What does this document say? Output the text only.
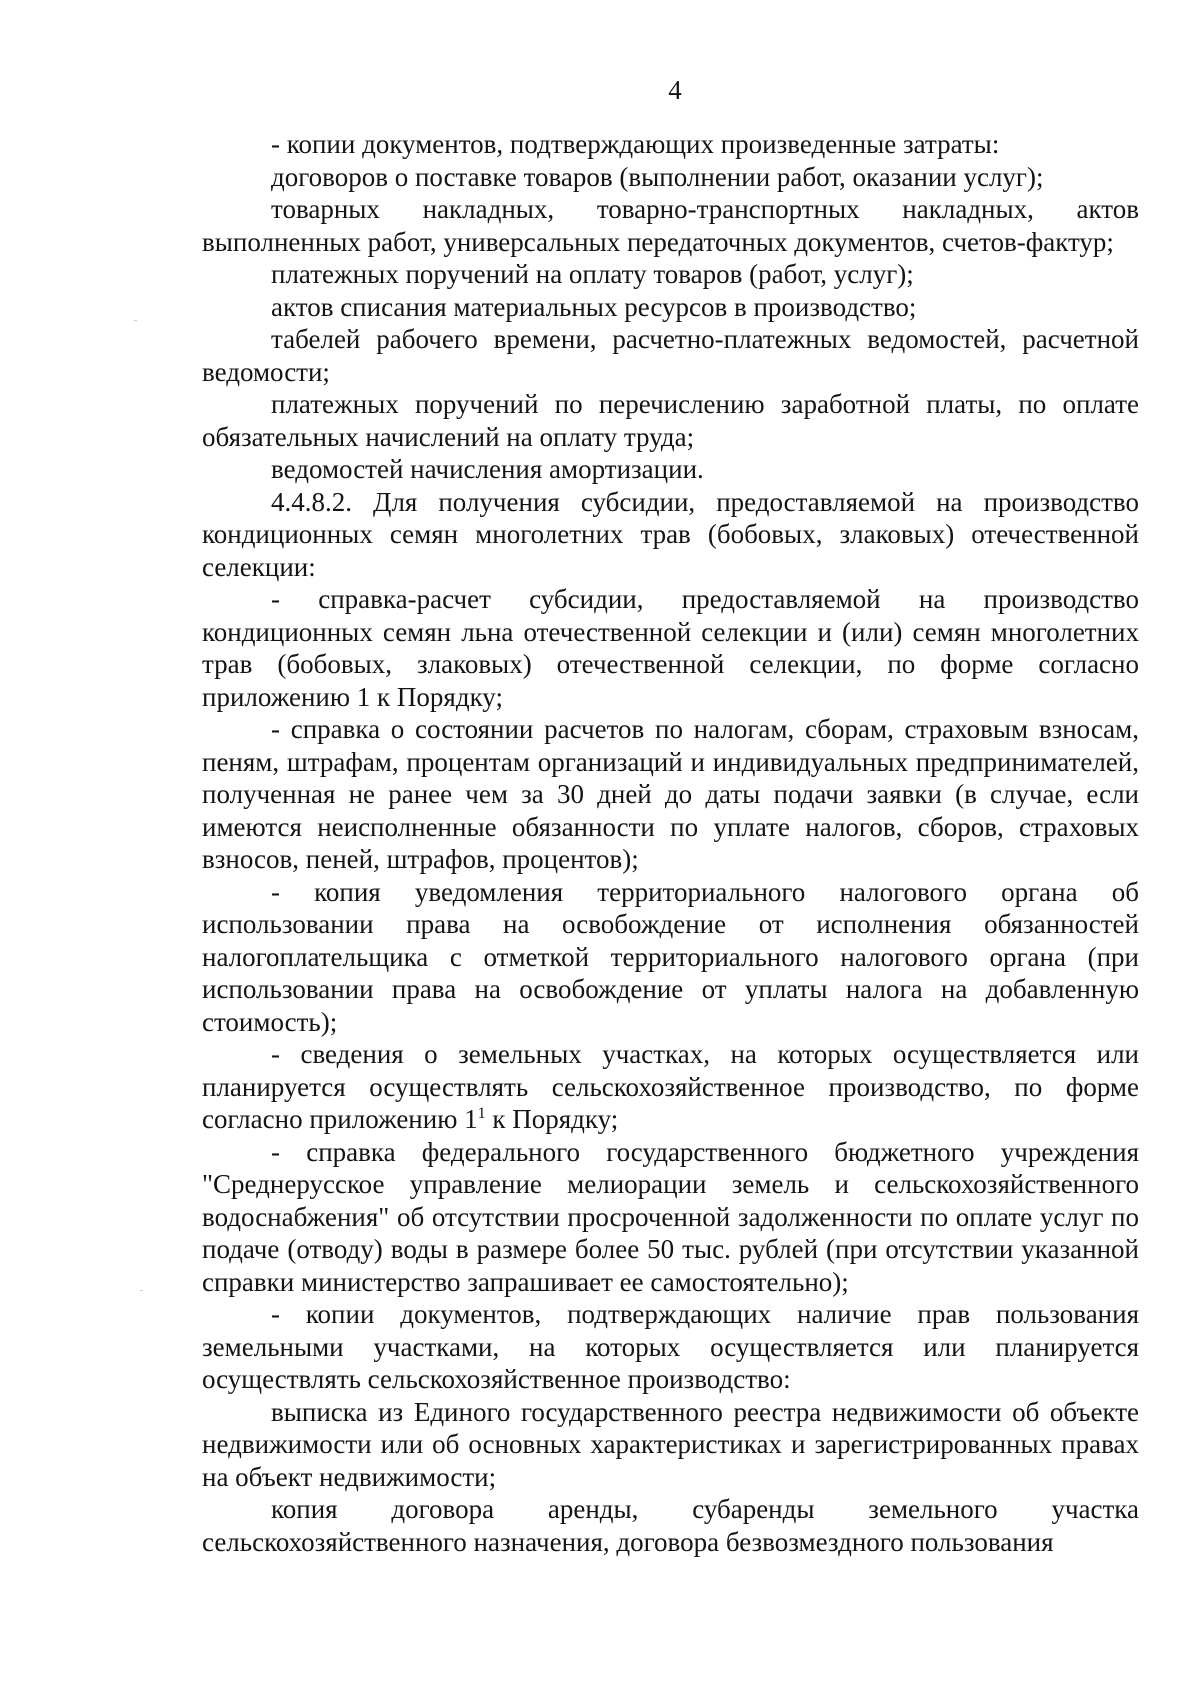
4

- копии документов, подтверждающих произведенные затраты:

договоров о поставке товаров (выполнении работ, оказании услуг);

товарных накладных, товарно-транспортных накладных, актов выполненных работ, универсальных передаточных документов, счетов-фактур;

платежных поручений на оплату товаров (работ, услуг);

актов списания материальных ресурсов в производство;

табелей рабочего времени, расчетно-платежных ведомостей, расчетной ведомости;

платежных поручений по перечислению заработной платы, по оплате обязательных начислений на оплату труда;

ведомостей начисления амортизации.

4.4.8.2. Для получения субсидии, предоставляемой на производство кондиционных семян многолетних трав (бобовых, злаковых) отечественной селекции:

- справка-расчет субсидии, предоставляемой на производство кондиционных семян льна отечественной селекции и (или) семян многолетних трав (бобовых, злаковых) отечественной селекции, по форме согласно приложению 1 к Порядку;

- справка о состоянии расчетов по налогам, сборам, страховым взносам, пеням, штрафам, процентам организаций и индивидуальных предпринимателей, полученная не ранее чем за 30 дней до даты подачи заявки (в случае, если имеются неисполненные обязанности по уплате налогов, сборов, страховых взносов, пеней, штрафов, процентов);

- копия уведомления территориального налогового органа об использовании права на освобождение от исполнения обязанностей налогоплательщика с отметкой территориального налогового органа (при использовании права на освобождение от уплаты налога на добавленную стоимость);

- сведения о земельных участках, на которых осуществляется или планируется осуществлять сельскохозяйственное производство, по форме согласно приложению $1^1$ к Порядку;

- справка федерального государственного бюджетного учреждения "Среднерусское управление мелиорации земель и сельскохозяйственного водоснабжения" об отсутствии просроченной задолженности по оплате услуг по подаче (отводу) воды в размере более 50 тыс. рублей (при отсутствии указанной справки министерство запрашивает ее самостоятельно);

- копии документов, подтверждающих наличие прав пользования земельными участками, на которых осуществляется или планируется осуществлять сельскохозяйственное производство:

выписка из Единого государственного реестра недвижимости об объекте недвижимости или об основных характеристиках и зарегистрированных правах на объект недвижимости;

копия договора аренды, субаренды земельного участка сельскохозяйственного назначения, договора безвозмездного пользования
